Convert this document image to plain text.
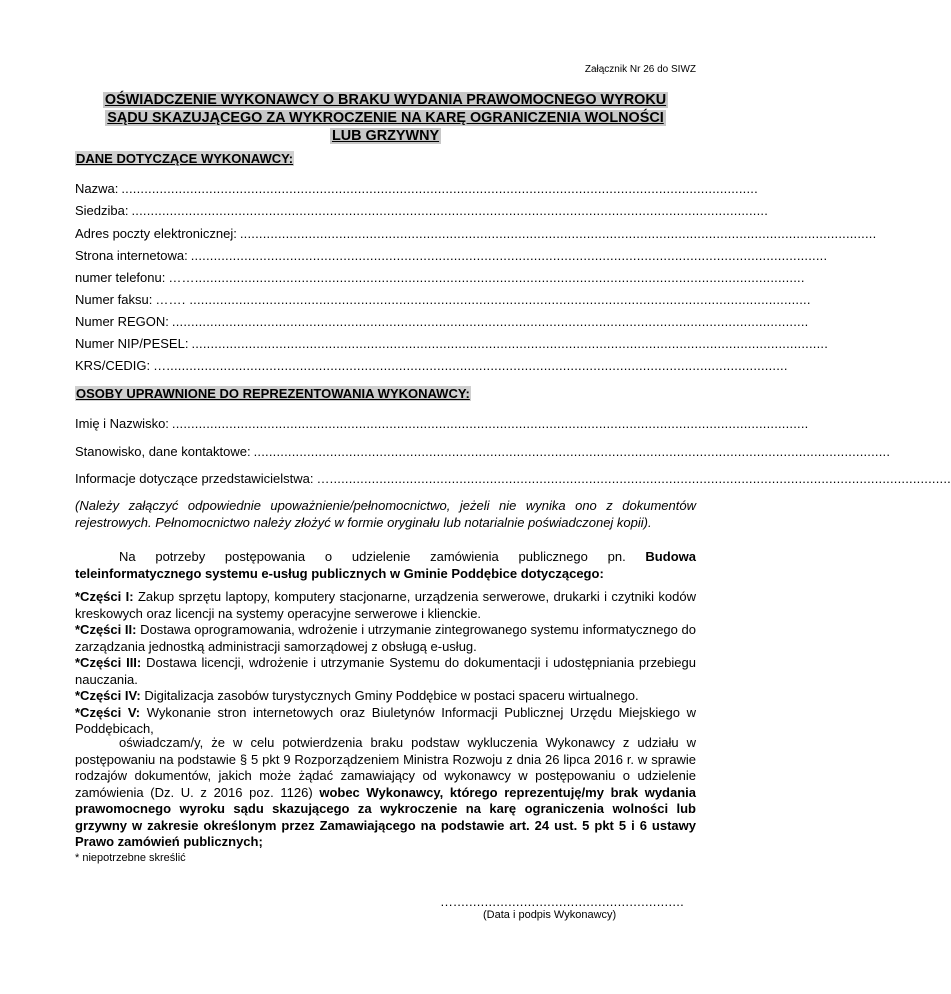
Załącznik Nr 26 do SIWZ
OŚWIADCZENIE WYKONAWCY O BRAKU WYDANIA PRAWOMOCNEGO WYROKU
SĄDU SKAZUJĄCEGO ZA WYKROCZENIE NA KARĘ OGRANICZENIA WOLNOŚCI
LUB GRZYWNY
DANE DOTYCZĄCE WYKONAWCY:
Nazwa: .......................................................................................................................................................................
Siedziba: .......................................................................................................................................................................
Adres poczty elektronicznej: .......................................................................................................................................................................
Strona internetowa: .......................................................................................................................................................................
numer telefonu: ……................................................................................................................................................................
Numer faksu: ……. ...................................................................................................................................................................
Numer REGON: .......................................................................................................................................................................
Numer NIP/PESEL: .......................................................................................................................................................................
KRS/CEDIG: …...................................................................................................................................................................
OSOBY UPRAWNIONE DO REPREZENTOWANIA WYKONAWCY:
Imię i Nazwisko: .......................................................................................................................................................................
Stanowisko, dane kontaktowe: .......................................................................................................................................................................
Informacje dotyczące przedstawicielstwa: …...................................................................................................................................................................
(Należy załączyć odpowiednie upoważnienie/pełnomocnictwo, jeżeli nie wynika ono z dokumentów rejestrowych. Pełnomocnictwo należy złożyć w formie oryginału lub notarialnie poświadczonej kopii).
Na potrzeby postępowania o udzielenie zamówienia publicznego pn. Budowa teleinformatycznego systemu e-usług publicznych w Gminie Poddębice dotyczącego:
*Części I: Zakup sprzętu laptopy, komputery stacjonarne, urządzenia serwerowe, drukarki i czytniki kodów kreskowych oraz licencji na systemy operacyjne serwerowe i klienckie.
*Części II: Dostawa oprogramowania, wdrożenie i utrzymanie zintegrowanego systemu informatycznego do zarządzania jednostką administracji samorządowej z obsługą e-usług.
*Części III: Dostawa licencji, wdrożenie i utrzymanie Systemu do dokumentacji i udostępniania przebiegu nauczania.
*Części IV: Digitalizacja zasobów turystycznych Gminy Poddębice w postaci spaceru wirtualnego.
*Części V: Wykonanie stron internetowych oraz Biuletynów Informacji Publicznej Urzędu Miejskiego w Poddębicach,
oświadczam/y, że w celu potwierdzenia braku podstaw wykluczenia Wykonawcy z udziału w postępowaniu na podstawie § 5 pkt 9 Rozporządzeniem Ministra Rozwoju z dnia 26 lipca 2016 r. w sprawie rodzajów dokumentów, jakich może żądać zamawiający od wykonawcy w postępowaniu o udzielenie zamówienia (Dz. U. z 2016 poz. 1126) wobec Wykonawcy, którego reprezentuję/my brak wydania prawomocnego wyroku sądu skazującego za wykroczenie na karę ograniczenia wolności lub grzywny w zakresie określonym przez Zamawiającego na podstawie art. 24 ust. 5 pkt 5 i 6 ustawy Prawo zamówień publicznych;
* niepotrzebne skreślić
…...........................................................
(Data i podpis Wykonawcy)
